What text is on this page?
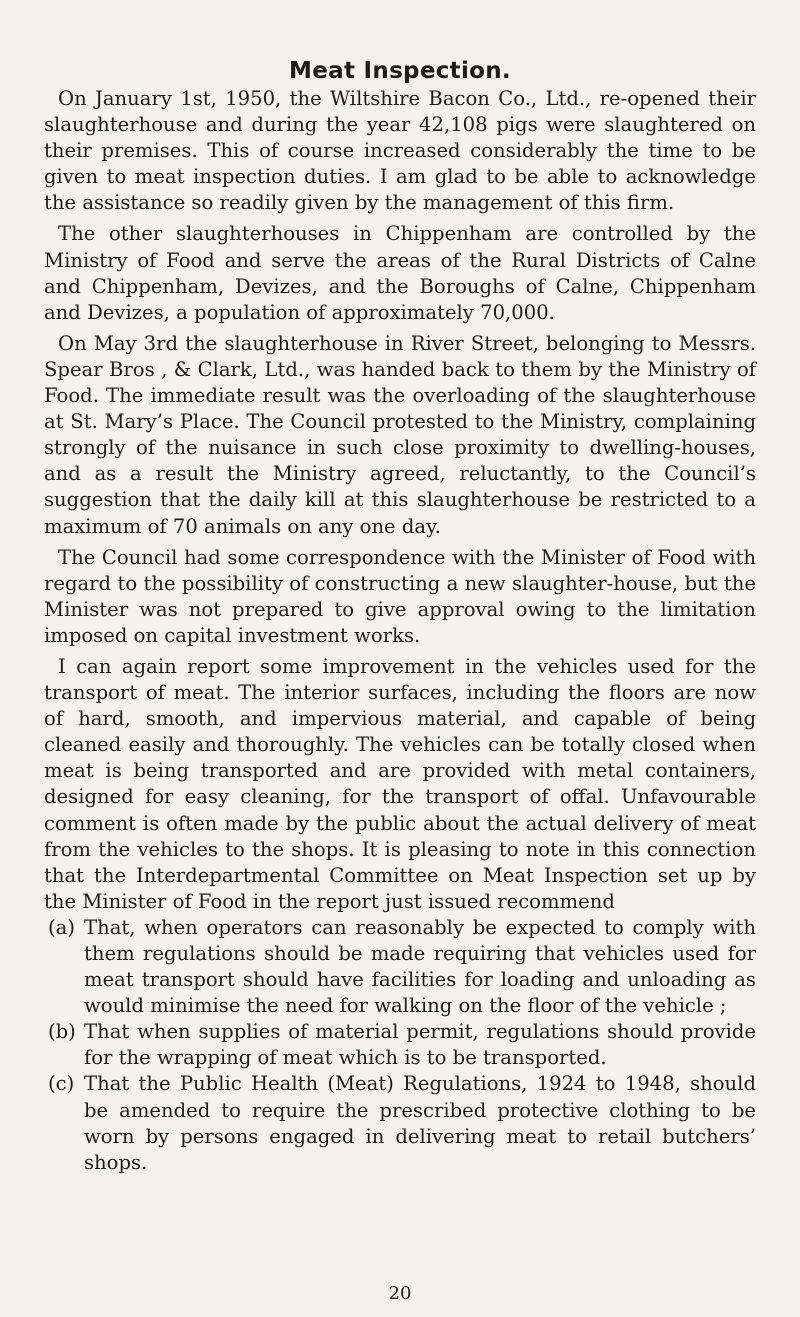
Meat Inspection.

On January 1st, 1950, the Wiltshire Bacon Co., Ltd., re-opened their slaughterhouse and during the year 42,108 pigs were slaughtered on their premises. This of course increased considerably the time to be given to meat inspection duties. I am glad to be able to acknowledge the assistance so readily given by the management of this firm.

The other slaughterhouses in Chippenham are controlled by the Ministry of Food and serve the areas of the Rural Districts of Calne and Chippenham, Devizes, and the Boroughs of Calne, Chippenham and Devizes, a population of approximately 70,000.

On May 3rd the slaughterhouse in River Street, belonging to Messrs. Spear Bros , & Clark, Ltd., was handed back to them by the Ministry of Food. The immediate result was the overloading of the slaughterhouse at St. Mary’s Place. The Council protested to the Ministry, complaining strongly of the nuisance in such close proximity to dwelling-houses, and as a result the Ministry agreed, reluctantly, to the Council’s suggestion that the daily kill at this slaughterhouse be restricted to a maximum of 70 animals on any one day.

The Council had some correspondence with the Minister of Food with regard to the possibility of constructing a new slaughter-house, but the Minister was not prepared to give approval owing to the limitation imposed on capital investment works.

I can again report some improvement in the vehicles used for the transport of meat. The interior surfaces, including the floors are now of hard, smooth, and impervious material, and capable of being cleaned easily and thoroughly. The vehicles can be totally closed when meat is being transported and are provided with metal containers, designed for easy cleaning, for the transport of offal. Unfavourable comment is often made by the public about the actual delivery of meat from the vehicles to the shops. It is pleasing to note in this connection that the Interdepartmental Committee on Meat Inspection set up by the Minister of Food in the report just issued recommend

(a) That, when operators can reasonably be expected to comply with them regulations should be made requiring that vehicles used for meat transport should have facilities for loading and unloading as would minimise the need for walking on the floor of the vehicle ;
(b) That when supplies of material permit, regulations should provide for the wrapping of meat which is to be transported.
(c) That the Public Health (Meat) Regulations, 1924 to 1948, should be amended to require the prescribed protective clothing to be worn by persons engaged in delivering meat to retail butchers’ shops.
20
